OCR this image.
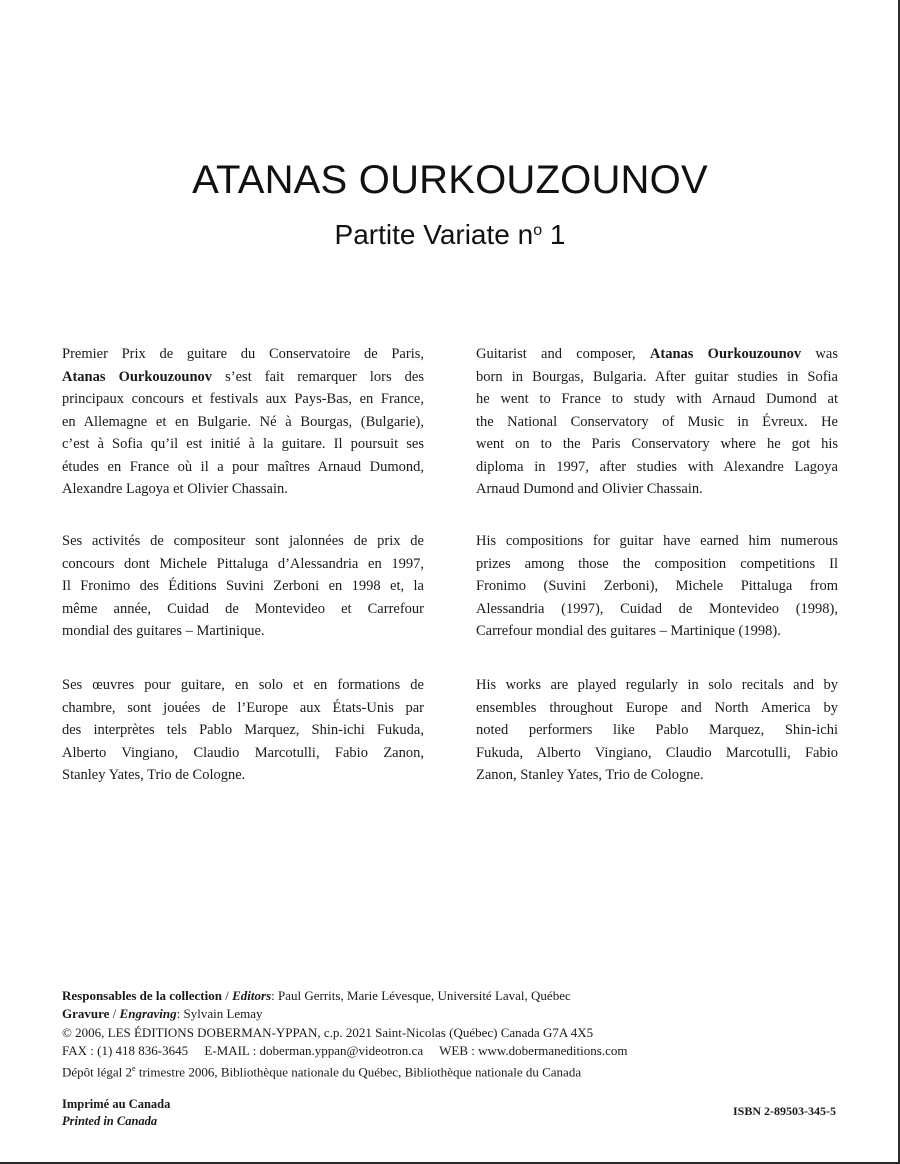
ATANAS OURKOUZOUNOV
Partite Variate $n^o$ 1

Premier Prix de guitare du Conservatoire de Paris,
Atanas Ourkouzounov s’est fait remarquer lors des
principaux concours et festivals aux Pays-Bas, en France,
en Allemagne et en Bulgarie. Né à Bourgas, (Bulgarie),
c’est à Sofia qu’il est initié à la guitare. Il poursuit ses
études en France où il a pour maîtres Arnaud Dumond,
Alexandre Lagoya et Olivier Chassain.

Ses activités de compositeur sont jalonnées de prix de
concours dont Michele Pittaluga d’Alessandria en 1997,
Il Fronimo des Éditions Suvini Zerboni en 1998 et, la
même année, Cuidad de Montevideo et Carrefour
mondial des guitares – Martinique.

Ses œuvres pour guitare, en solo et en formations de
chambre, sont jouées de l’Europe aux États-Unis par
des interprètes tels Pablo Marquez, Shin-ichi Fukuda,
Alberto Vingiano, Claudio Marcotulli, Fabio Zanon,
Stanley Yates, Trio de Cologne.

Guitarist and composer, Atanas Ourkouzounov was
born in Bourgas, Bulgaria. After guitar studies in Sofia
he went to France to study with Arnaud Dumond at
the National Conservatory of Music in Évreux. He
went on to the Paris Conservatory where he got his
diploma in 1997, after studies with Alexandre Lagoya
Arnaud Dumond and Olivier Chassain.

His compositions for guitar have earned him numerous
prizes among those the composition competitions Il
Fronimo (Suvini Zerboni), Michele Pittaluga from
Alessandria (1997), Cuidad de Montevideo (1998),
Carrefour mondial des guitares – Martinique (1998).

His works are played regularly in solo recitals and by
ensembles throughout Europe and North America by
noted performers like Pablo Marquez, Shin-ichi
Fukuda, Alberto Vingiano, Claudio Marcotulli, Fabio
Zanon, Stanley Yates, Trio de Cologne.

Responsables de la collection / Editors: Paul Gerrits, Marie Lévesque, Université Laval, Québec
Gravure / Engraving: Sylvain Lemay
© 2006, LES ÉDITIONS DOBERMAN-YPPAN, c.p. 2021 Saint-Nicolas (Québec) Canada G7A 4X5
FAX : (1) 418 836-3645     E-MAIL : doberman.yppan@videotron.ca     WEB : www.dobermaneditions.com
Dépôt légal 2e trimestre 2006, Bibliothèque nationale du Québec, Bibliothèque nationale du Canada
Imprimé au Canada
Printed in Canada
ISBN 2-89503-345-5
